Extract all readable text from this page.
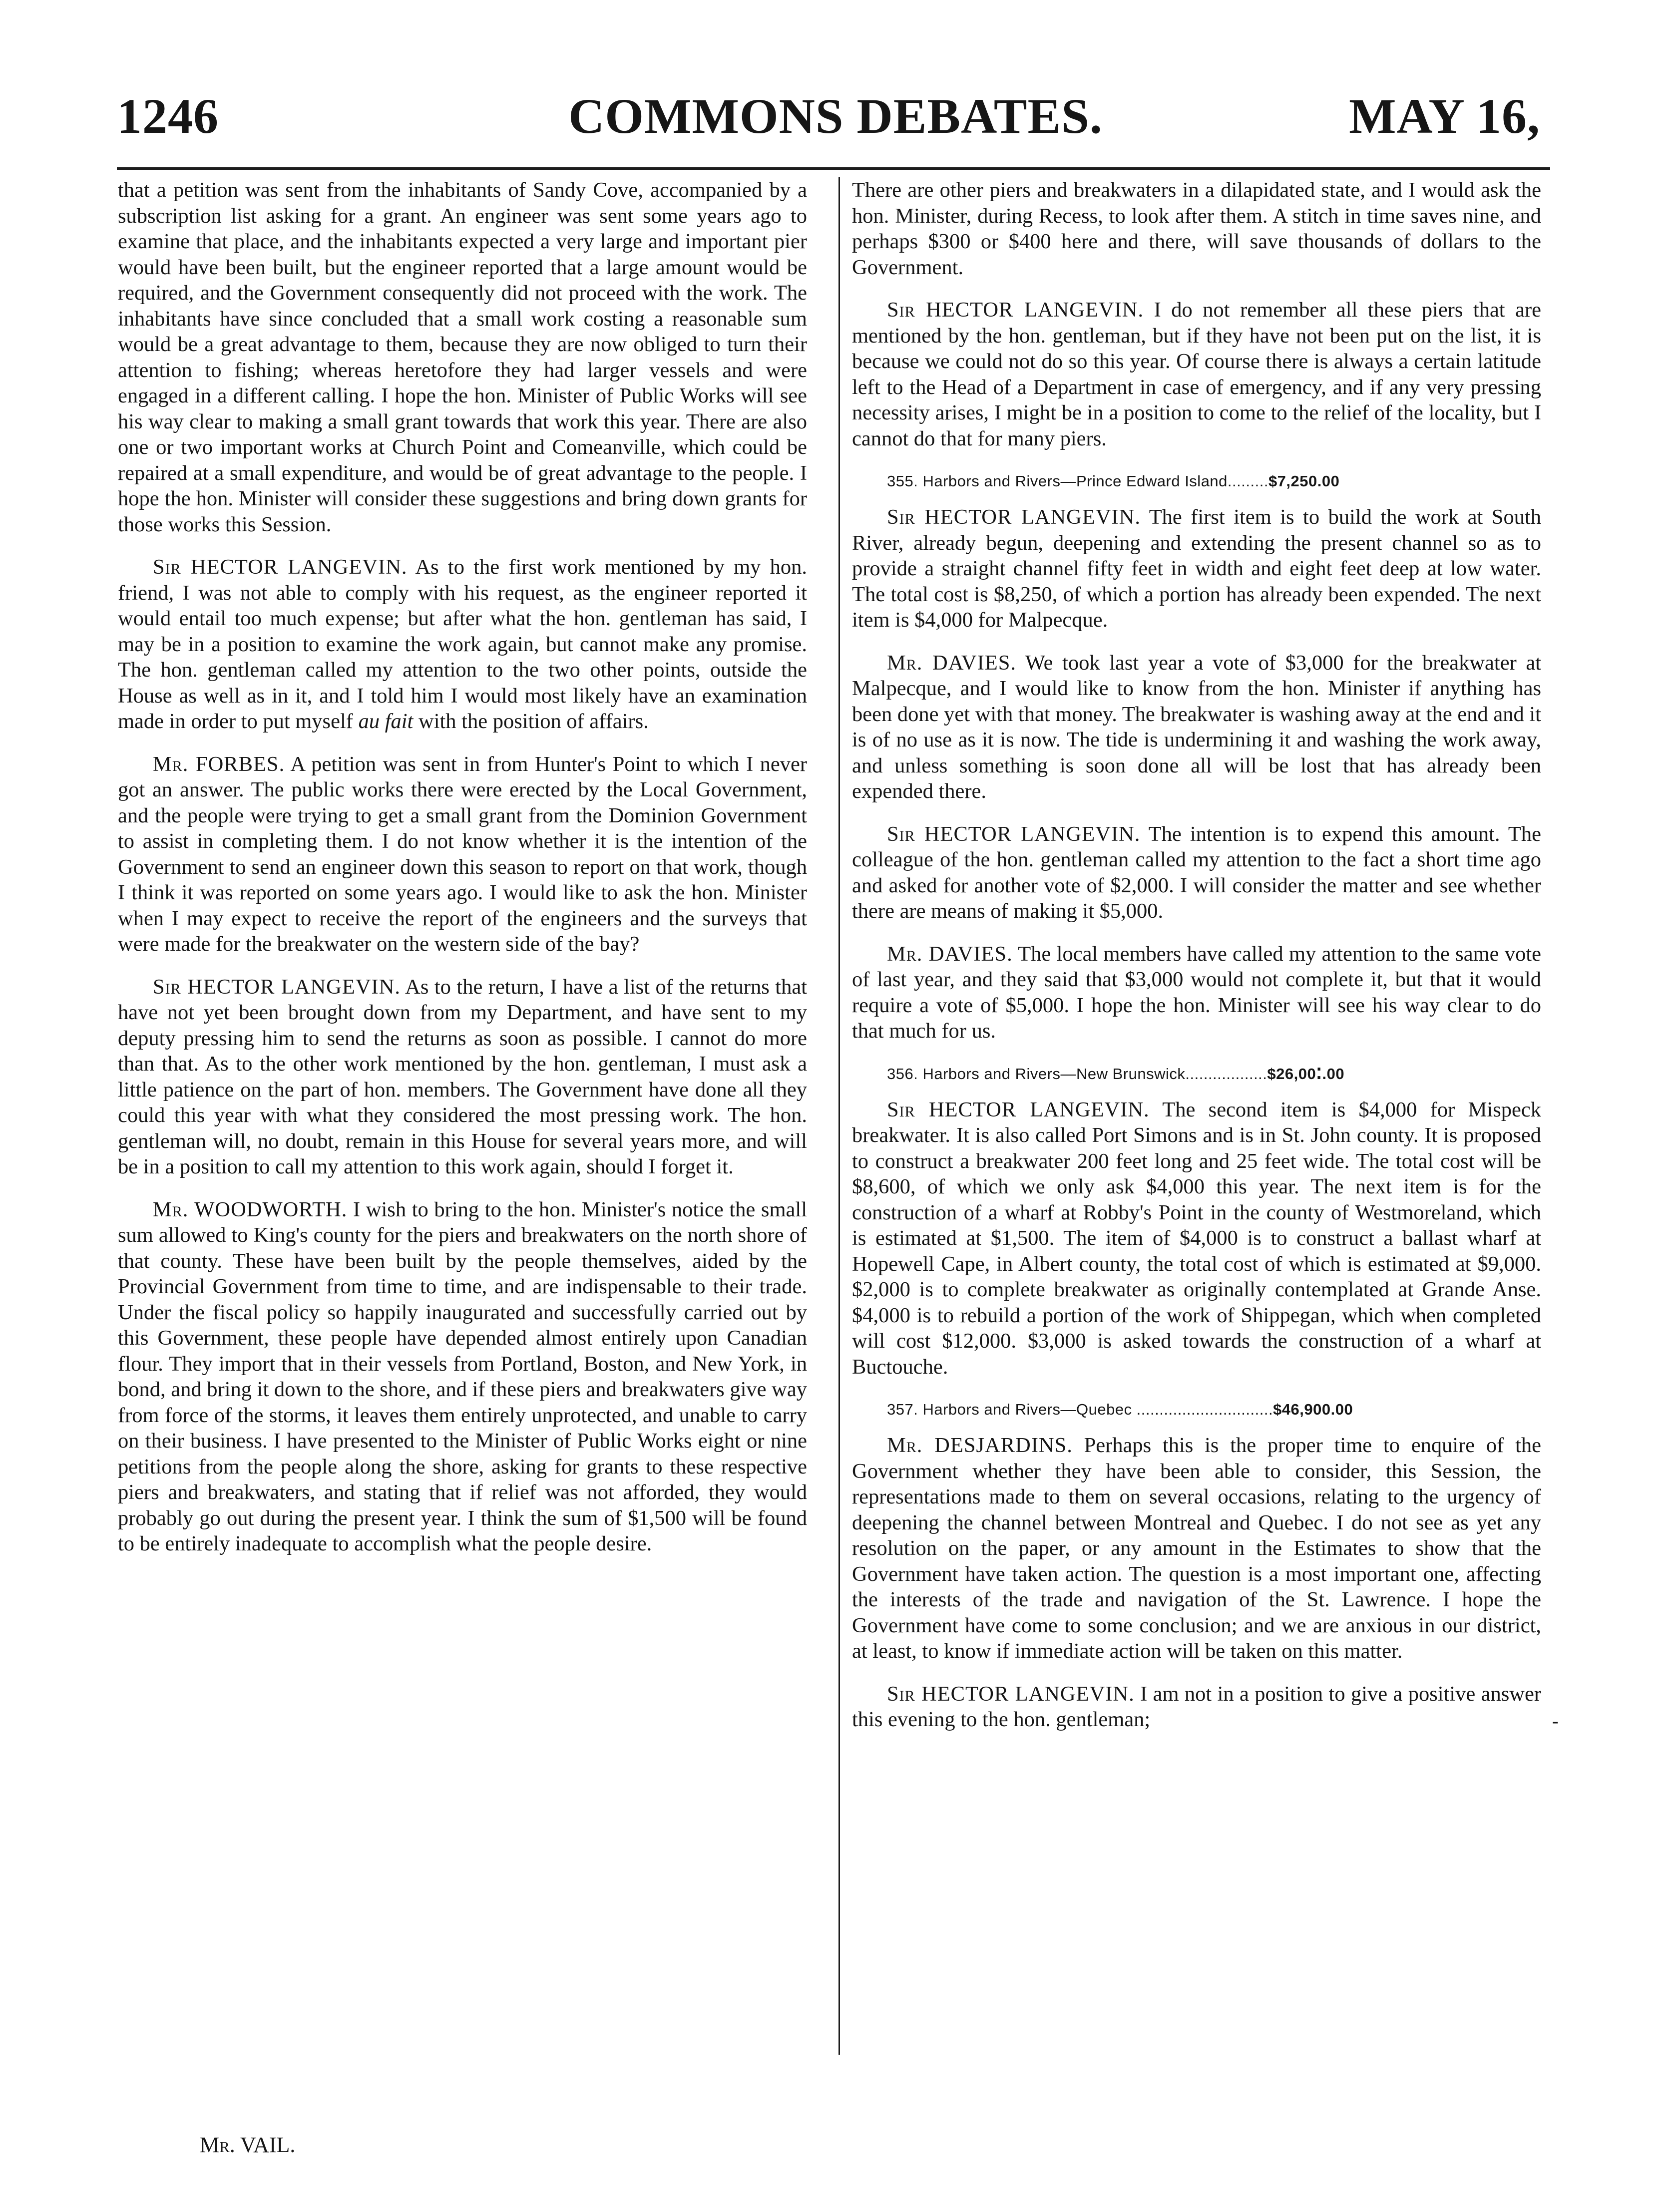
1246	COMMONS DEBATES.	MAY 16,

that a petition was sent from the inhabitants of Sandy Cove, accompanied by a subscription list asking for a grant. An engineer was sent some years ago to examine that place, and the inhabitants expected a very large and important pier would have been built, but the engineer reported that a large amount would be required, and the Government consequently did not proceed with the work. The inhabitants have since concluded that a small work costing a reasonable sum would be a great advantage to them, because they are now obliged to turn their attention to fishing; whereas heretofore they had larger vessels and were engaged in a different calling. I hope the hon. Minister of Public Works will see his way clear to making a small grant towards that work this year. There are also one or two important works at Church Point and Comeanville, which could be repaired at a small expenditure, and would be of great advantage to the people. I hope the hon. Minister will consider these suggestions and bring down grants for those works this Session.

Sir HECTOR LANGEVIN. As to the first work mentioned by my hon. friend, I was not able to comply with his request, as the engineer reported it would entail too much expense; but after what the hon. gentleman has said, I may be in a position to examine the work again, but cannot make any promise. The hon. gentleman called my attention to the two other points, outside the House as well as in it, and I told him I would most likely have an examination made in order to put myself au fait with the position of affairs.

Mr. FORBES. A petition was sent in from Hunter's Point to which I never got an answer. The public works there were erected by the Local Government, and the people were trying to get a small grant from the Dominion Government to assist in completing them. I do not know whether it is the intention of the Government to send an engineer down this season to report on that work, though I think it was reported on some years ago. I would like to ask the hon. Minister when I may expect to receive the report of the engineers and the surveys that were made for the breakwater on the western side of the bay?

Sir HECTOR LANGEVIN. As to the return, I have a list of the returns that have not yet been brought down from my Department, and have sent to my deputy pressing him to send the returns as soon as possible. I cannot do more than that. As to the other work mentioned by the hon. gentleman, I must ask a little patience on the part of hon. members. The Government have done all they could this year with what they considered the most pressing work. The hon. gentleman will, no doubt, remain in this House for several years more, and will be in a position to call my attention to this work again, should I forget it.

Mr. WOODWORTH. I wish to bring to the hon. Minister's notice the small sum allowed to King's county for the piers and breakwaters on the north shore of that county. These have been built by the people themselves, aided by the Provincial Government from time to time, and are indispensable to their trade. Under the fiscal policy so happily inaugurated and successfully carried out by this Government, these people have depended almost entirely upon Canadian flour. They import that in their vessels from Portland, Boston, and New York, in bond, and bring it down to the shore, and if these piers and breakwaters give way from force of the storms, it leaves them entirely unprotected, and unable to carry on their business. I have presented to the Minister of Public Works eight or nine petitions from the people along the shore, asking for grants to these respective piers and breakwaters, and stating that if relief was not afforded, they would probably go out during the present year. I think the sum of $1,500 will be found to be entirely inadequate to accomplish what the people desire.

There are other piers and breakwaters in a dilapidated state, and I would ask the hon. Minister, during Recess, to look after them. A stitch in time saves nine, and perhaps $300 or $400 here and there, will save thousands of dollars to the Government.

Sir HECTOR LANGEVIN. I do not remember all these piers that are mentioned by the hon. gentleman, but if they have not been put on the list, it is because we could not do so this year. Of course there is always a certain latitude left to the Head of a Department in case of emergency, and if any very pressing necessity arises, I might be in a position to come to the relief of the locality, but I cannot do that for many piers.

355. Harbors and Rivers—Prince Edward Island.........$7,250.00

Sir HECTOR LANGEVIN. The first item is to build the work at South River, already begun, deepening and extending the present channel so as to provide a straight channel fifty feet in width and eight feet deep at low water. The total cost is $8,250, of which a portion has already been expended. The next item is $4,000 for Malpecque.

Mr. DAVIES. We took last year a vote of $3,000 for the breakwater at Malpecque, and I would like to know from the hon. Minister if anything has been done yet with that money. The breakwater is washing away at the end and it is of no use as it is now. The tide is undermining it and washing the work away, and unless something is soon done all will be lost that has already been expended there.

Sir HECTOR LANGEVIN. The intention is to expend this amount. The colleague of the hon. gentleman called my attention to the fact a short time ago and asked for another vote of $2,000. I will consider the matter and see whether there are means of making it $5,000.

Mr. DAVIES. The local members have called my attention to the same vote of last year, and they said that $3,000 would not complete it, but that it would require a vote of $5,000. I hope the hon. Minister will see his way clear to do that much for us.

356. Harbors and Rivers—New Brunswick..................$26,00⁚.00

Sir HECTOR LANGEVIN. The second item is $4,000 for Mispeck breakwater. It is also called Port Simons and is in St. John county. It is proposed to construct a breakwater 200 feet long and 25 feet wide. The total cost will be $8,600, of which we only ask $4,000 this year. The next item is for the construction of a wharf at Robby's Point in the county of Westmoreland, which is estimated at $1,500. The item of $4,000 is to construct a ballast wharf at Hopewell Cape, in Albert county, the total cost of which is estimated at $9,000. $2,000 is to complete breakwater as originally contemplated at Grande Anse. $4,000 is to rebuild a portion of the work of Shippegan, which when completed will cost $12,000. $3,000 is asked towards the construction of a wharf at Buctouche.

357. Harbors and Rivers—Quebec ..............................$46,900.00

Mr. DESJARDINS. Perhaps this is the proper time to enquire of the Government whether they have been able to consider, this Session, the representations made to them on several occasions, relating to the urgency of deepening the channel between Montreal and Quebec. I do not see as yet any resolution on the paper, or any amount in the Estimates to show that the Government have taken action. The question is a most important one, affecting the interests of the trade and navigation of the St. Lawrence. I hope the Government have come to some conclusion; and we are anxious in our district, at least, to know if immediate action will be taken on this matter.

Sir HECTOR LANGEVIN. I am not in a position to give a positive answer this evening to the hon. gentleman;	-
Mr. VAIL.
